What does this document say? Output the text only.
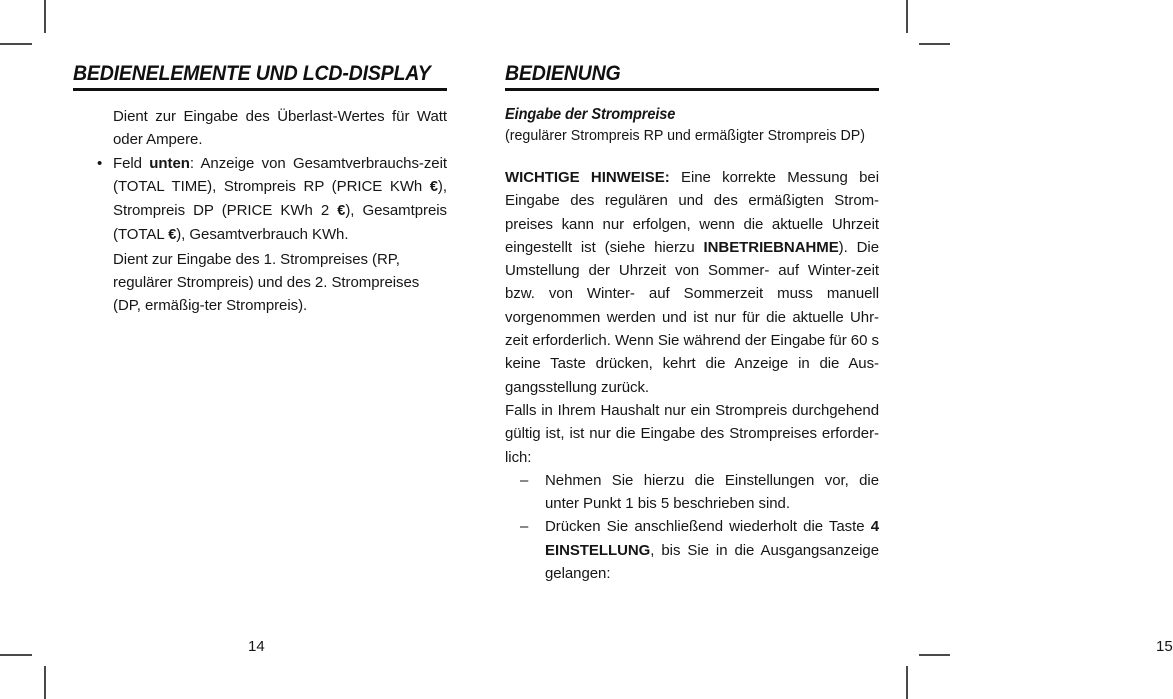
BEDIENELEMENTE UND LCD-DISPLAY

Dient zur Eingabe des Überlast-Wertes für Watt oder Ampere.

• Feld unten: Anzeige von Gesamtverbrauchs-zeit (TOTAL TIME), Strompreis RP (PRICE KWh €), Strompreis DP (PRICE KWh 2 €), Gesamtpreis (TOTAL €), Gesamtverbrauch KWh.

Dient zur Eingabe des 1. Strompreises (RP, regulärer Strompreis) und des 2. Strompreises (DP, ermäßig-ter Strompreis).

14
BEDIENUNG
Eingabe der Strompreise

(regulärer Strompreis RP und ermäßigter Strompreis DP)

WICHTIGE HINWEISE: Eine korrekte Messung bei Eingabe des regulären und des ermäßigten Strom-preises kann nur erfolgen, wenn die aktuelle Uhrzeit eingestellt ist (siehe hierzu INBETRIEBNAHME). Die Umstellung der Uhrzeit von Sommer- auf Winter-zeit bzw. von Winter- auf Sommerzeit muss manuell vorgenommen werden und ist nur für die aktuelle Uhr-zeit erforderlich. Wenn Sie während der Eingabe für 60 s keine Taste drücken, kehrt die Anzeige in die Aus-gangsstellung zurück.

Falls in Ihrem Haushalt nur ein Strompreis durchgehend gültig ist, ist nur die Eingabe des Strompreises erforder-lich:

–	Nehmen Sie hierzu die Einstellungen vor, die unter Punkt 1 bis 5 beschrieben sind.

–	Drücken Sie anschließend wiederholt die Taste 4 EINSTELLUNG, bis Sie in die Ausgangsanzeige gelangen:

15
